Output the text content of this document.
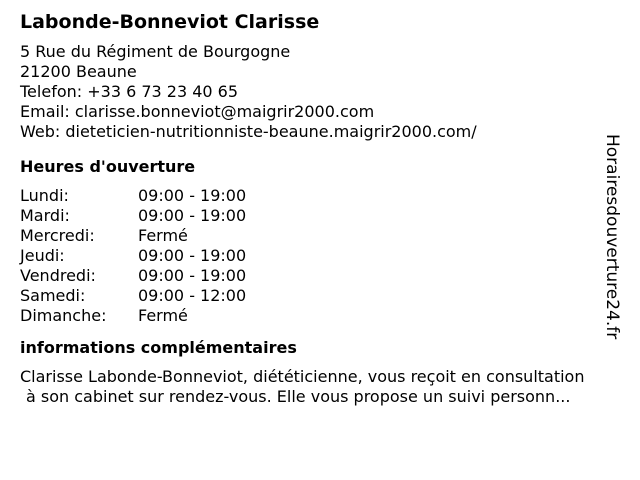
Labonde-Bonneviot Clarisse
5 Rue du Régiment de Bourgogne
21200 Beaune
Telefon: +33 6 73 23 40 65
Email: clarisse.bonneviot@maigrir2000.com
Web: dieteticien-nutritionniste-beaune.maigrir2000.com/
Heures d'ouverture
Lundi:	09:00 - 19:00
Mardi:	09:00 - 19:00
Mercredi:	Fermé
Jeudi:	09:00 - 19:00
Vendredi:	09:00 - 19:00
Samedi:	09:00 - 12:00
Dimanche:	Fermé
informations complémentaires
Clarisse Labonde-Bonneviot, diététicienne, vous reçoit en consultation
à son cabinet sur rendez-vous. Elle vous propose un suivi personn...
Horairesdouverture24.fr
